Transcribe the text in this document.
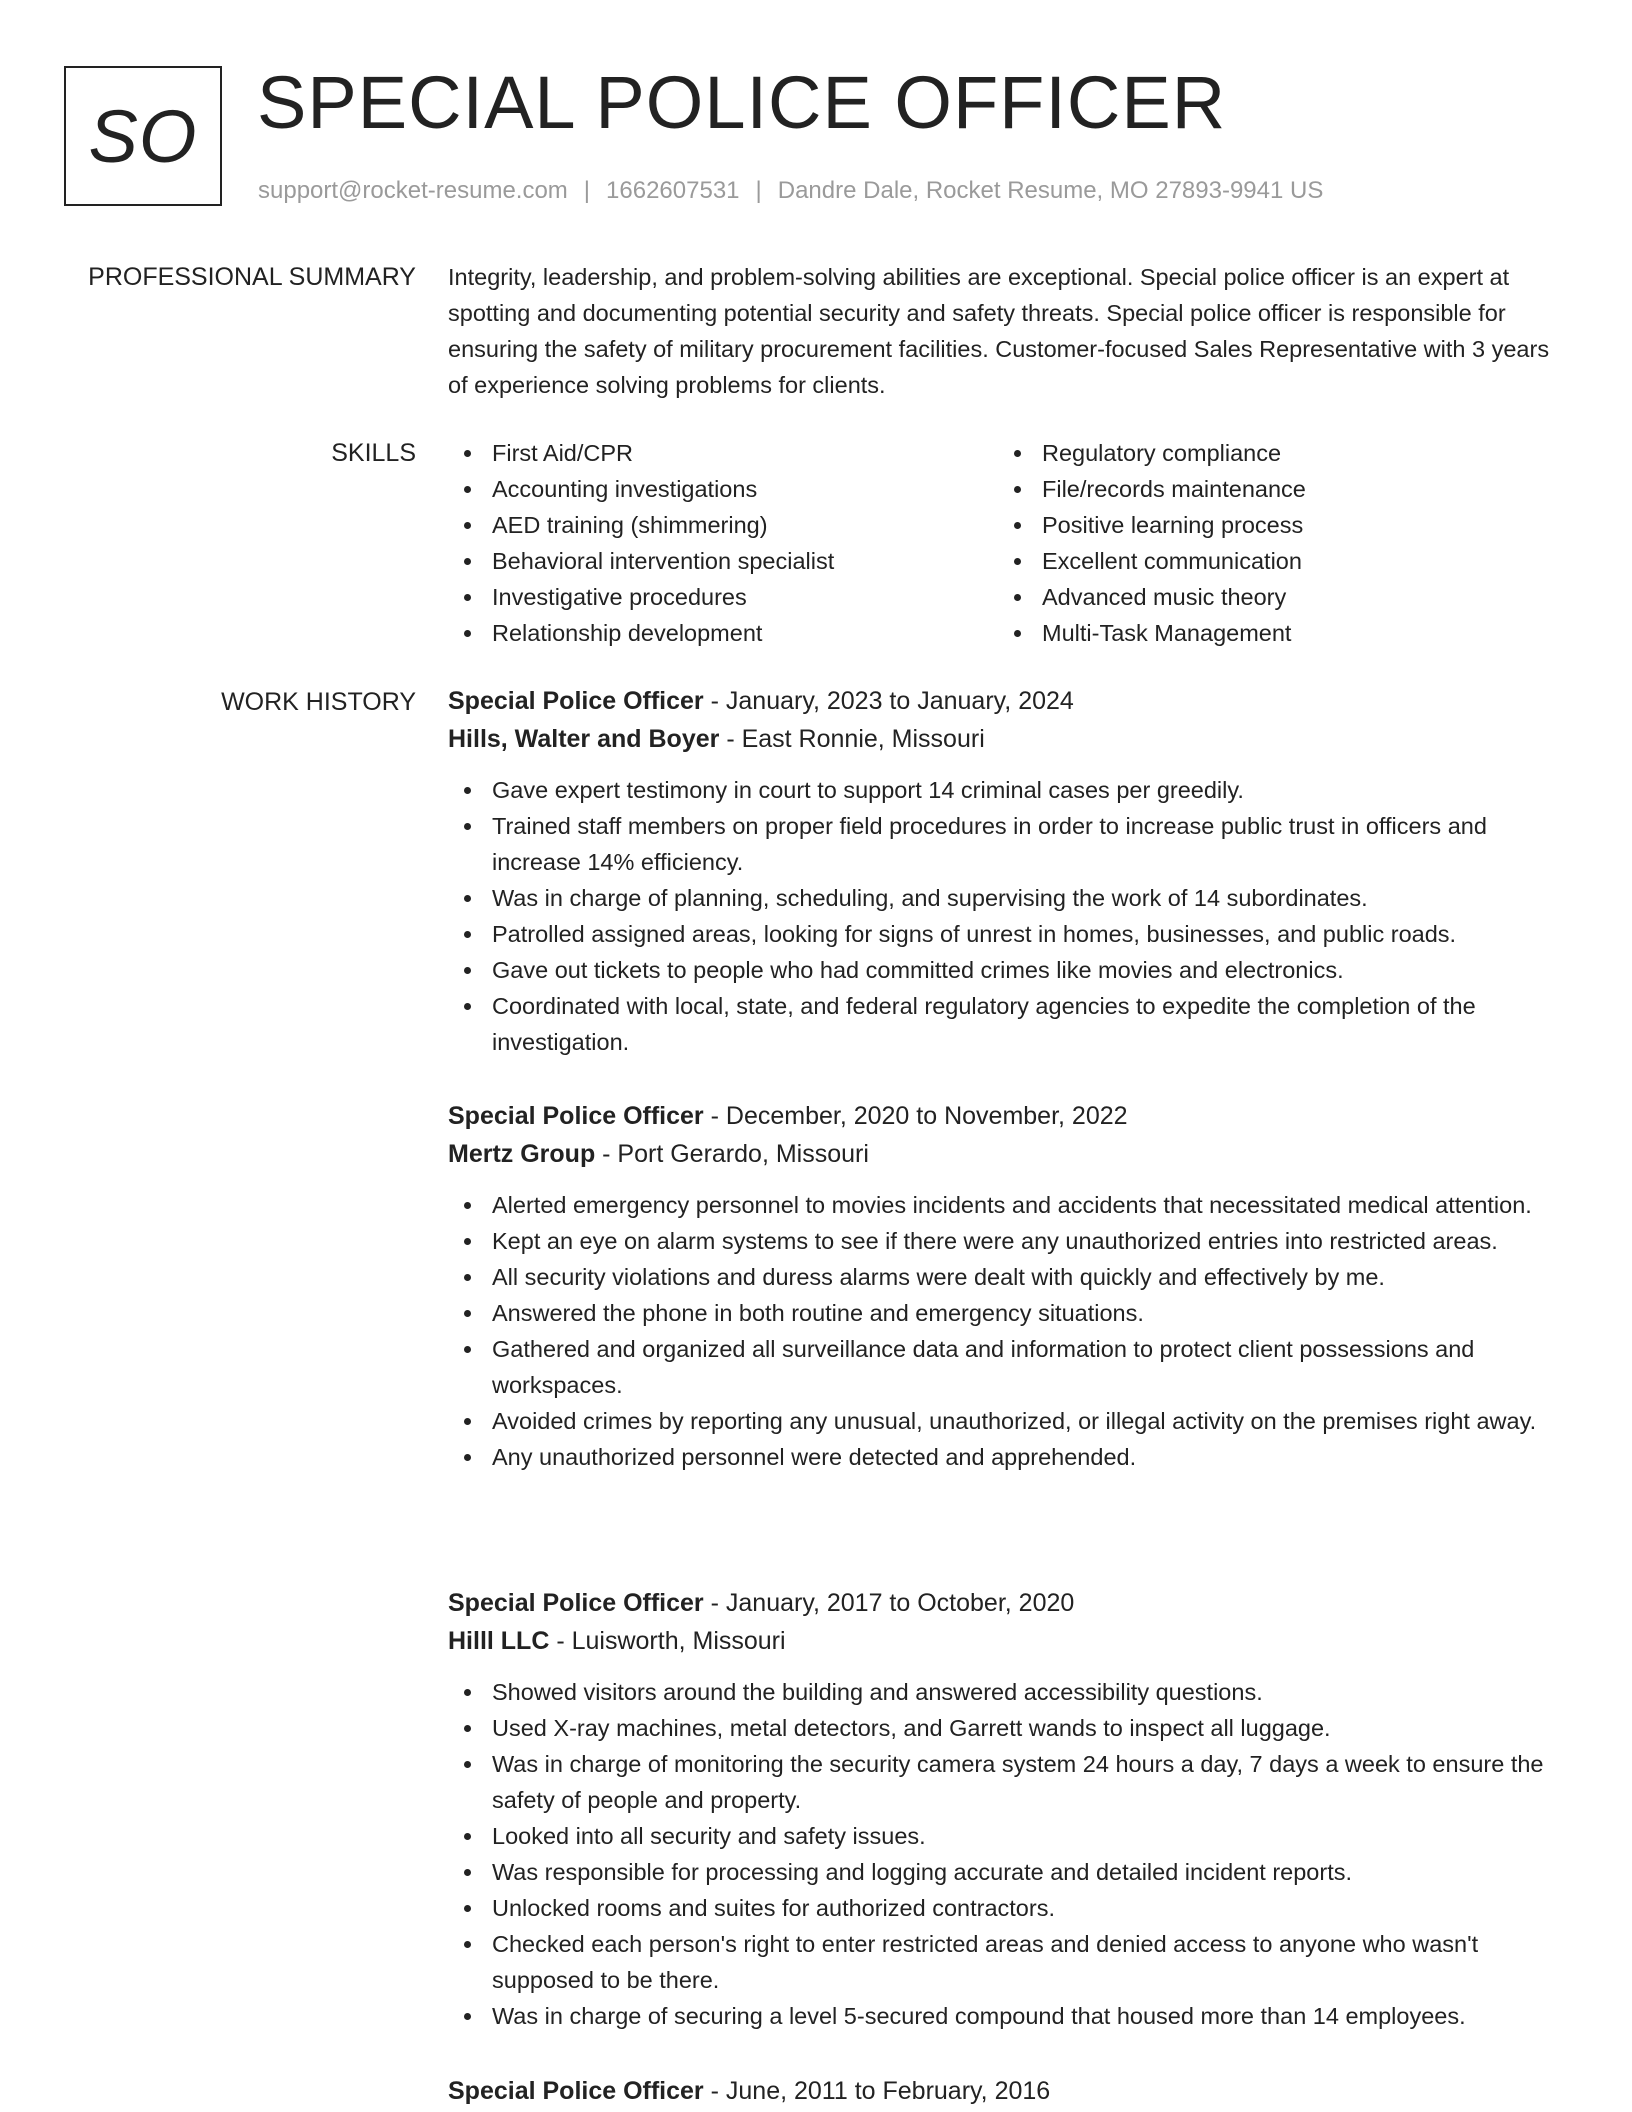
SO SPECIAL POLICE OFFICER
support@rocket-resume.com | 1662607531 | Dandre Dale, Rocket Resume, MO 27893-9941 US
PROFESSIONAL SUMMARY Integrity, leadership, and problem-solving abilities are exceptional. Special police officer is an expert at spotting and documenting potential security and safety threats. Special police officer is responsible for ensuring the safety of military procurement facilities. Customer-focused Sales Representative with 3 years of experience solving problems for clients.
SKILLS	First Aid/CPR
Accounting investigations
AED training (shimmering)
Behavioral intervention specialist
Investigative procedures
Relationship development
Regulatory compliance
File/records maintenance
Positive learning process
Excellent communication
Advanced music theory
Multi-Task Management
WORK HISTORY Special Police Officer - January, 2023 to January, 2024
Hills, Walter and Boyer - East Ronnie, Missouri
Gave expert testimony in court to support 14 criminal cases per greedily.
Trained staff members on proper field procedures in order to increase public trust in officers and increase 14% efficiency.
Was in charge of planning, scheduling, and supervising the work of 14 subordinates.
Patrolled assigned areas, looking for signs of unrest in homes, businesses, and public roads.
Gave out tickets to people who had committed crimes like movies and electronics.
Coordinated with local, state, and federal regulatory agencies to expedite the completion of the investigation.
Special Police Officer - December, 2020 to November, 2022
Mertz Group - Port Gerardo, Missouri
Alerted emergency personnel to movies incidents and accidents that necessitated medical attention.
Kept an eye on alarm systems to see if there were any unauthorized entries into restricted areas.
All security violations and duress alarms were dealt with quickly and effectively by me.
Answered the phone in both routine and emergency situations.
Gathered and organized all surveillance data and information to protect client possessions and workspaces.
Avoided crimes by reporting any unusual, unauthorized, or illegal activity on the premises right away.
Any unauthorized personnel were detected and apprehended.
Special Police Officer - January, 2017 to October, 2020
Hilll LLC - Luisworth, Missouri
Showed visitors around the building and answered accessibility questions.
Used X-ray machines, metal detectors, and Garrett wands to inspect all luggage.
Was in charge of monitoring the security camera system 24 hours a day, 7 days a week to ensure the safety of people and property.
Looked into all security and safety issues.
Was responsible for processing and logging accurate and detailed incident reports.
Unlocked rooms and suites for authorized contractors.
Checked each person's right to enter restricted areas and denied access to anyone who wasn't supposed to be there.
Was in charge of securing a level 5-secured compound that housed more than 14 employees.
Special Police Officer - June, 2011 to February, 2016
